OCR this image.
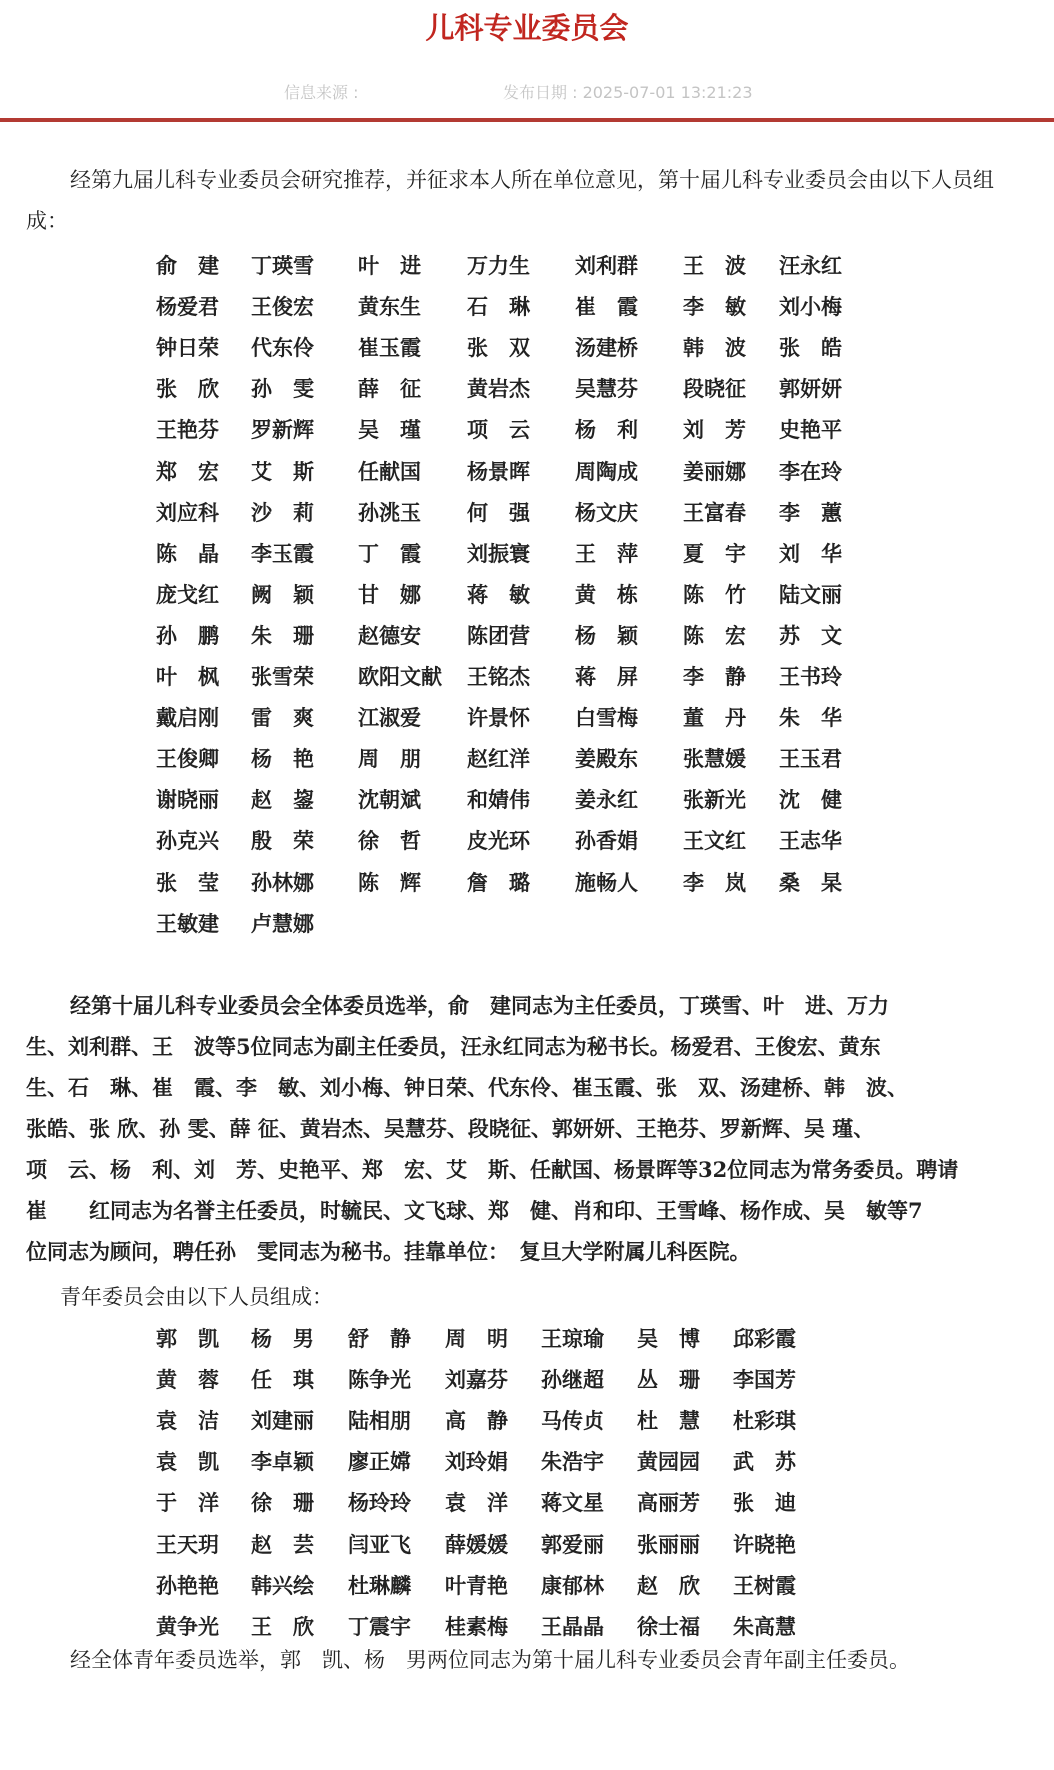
儿科专业委员会
信息来源 :	发布日期 : 2025-07-01 13:21:23

经第九届儿科专业委员会研究推荐，并征求本人所在单位意见，第十届儿科专业委员会由以下人员组成：

俞　建 丁瑛雪 叶　进 万力生 刘利群 王　波 汪永红
杨爱君 王俊宏 黄东生 石　琳 崔　霞 李　敏 刘小梅
钟日荣 代东伶 崔玉霞 张　双 汤建桥 韩　波 张　皓
张　欣 孙　雯 薛　征 黄岩杰 吴慧芬 段晓征 郭妍妍
王艳芬 罗新辉 吴　瑾 项　云 杨　利 刘　芳 史艳平
郑　宏 艾　斯 任献国 杨景晖 周陶成 姜丽娜 李在玲
刘应科 沙　莉 孙洮玉 何　强 杨文庆 王富春 李　蕙
陈　晶 李玉霞 丁　霞 刘振寰 王　萍 夏　宇 刘　华
庞戈红 阙　颖 甘　娜 蒋　敏 黄　栋 陈　竹 陆文丽
孙　鹏 朱　珊 赵德安 陈团营 杨　颖 陈　宏 苏　文
叶　枫 张雪荣 欧阳文献 王铭杰 蒋　屏 李　静 王书玲
戴启刚 雷　爽 江淑爱 许景怀 白雪梅 董　丹 朱　华
王俊卿 杨　艳 周　朋 赵红洋 姜殿东 张慧媛 王玉君
谢晓丽 赵　鋆 沈朝斌 和婧伟 姜永红 张新光 沈　健
孙克兴 殷　荣 徐　哲 皮光环 孙香娟 王文红 王志华
张　莹 孙林娜 陈　辉 詹　璐 施畅人 李　岚 桑　杲
王敏建 卢慧娜
经第十届儿科专业委员会全体委员选举，俞　建同志为主任委员，丁瑛雪、叶　进、万力
生、刘利群、王　波等5位同志为副主任委员，汪永红同志为秘书长。杨爱君、王俊宏、黄东
生、石　琳、崔　霞、李　敏、刘小梅、钟日荣、代东伶、崔玉霞、张　双、汤建桥、韩　波、
张皓、张 欣、孙 雯、薛 征、黄岩杰、吴慧芬、段晓征、郭妍妍、王艳芬、罗新辉、吴 瑾、
项　云、杨　利、刘　芳、史艳平、郑　宏、艾　斯、任献国、杨景晖等32位同志为常务委员。聘请
崔　　红同志为名誉主任委员，时毓民、文飞球、郑　健、肖和印、王雪峰、杨作成、吴　敏等7
位同志为顾问，聘任孙　雯同志为秘书。挂靠单位：　复旦大学附属儿科医院。
青年委员会由以下人员组成：
郭　凯 杨　男 舒　静 周　明 王琼瑜 吴　博 邱彩霞
黄　蓉 任　琪 陈争光 刘嘉芬 孙继超 丛　珊 李国芳
袁　洁 刘建丽 陆相朋 高　静 马传贞 杜　慧 杜彩琪
袁　凯 李卓颖 廖正嫦 刘玲娟 朱浩宇 黄园园 武　苏
于　洋 徐　珊 杨玲玲 袁　洋 蒋文星 高丽芳 张　迪
王天玥 赵　芸 闫亚飞 薛媛媛 郭爱丽 张丽丽 许晓艳
孙艳艳 韩兴绘 杜琳麟 叶青艳 康郁林 赵　欣 王树霞
黄争光 王　欣 丁震宇 桂素梅 王晶晶 徐士福 朱高慧
经全体青年委员选举，郭　凯、杨　男两位同志为第十届儿科专业委员会青年副主任委员。
